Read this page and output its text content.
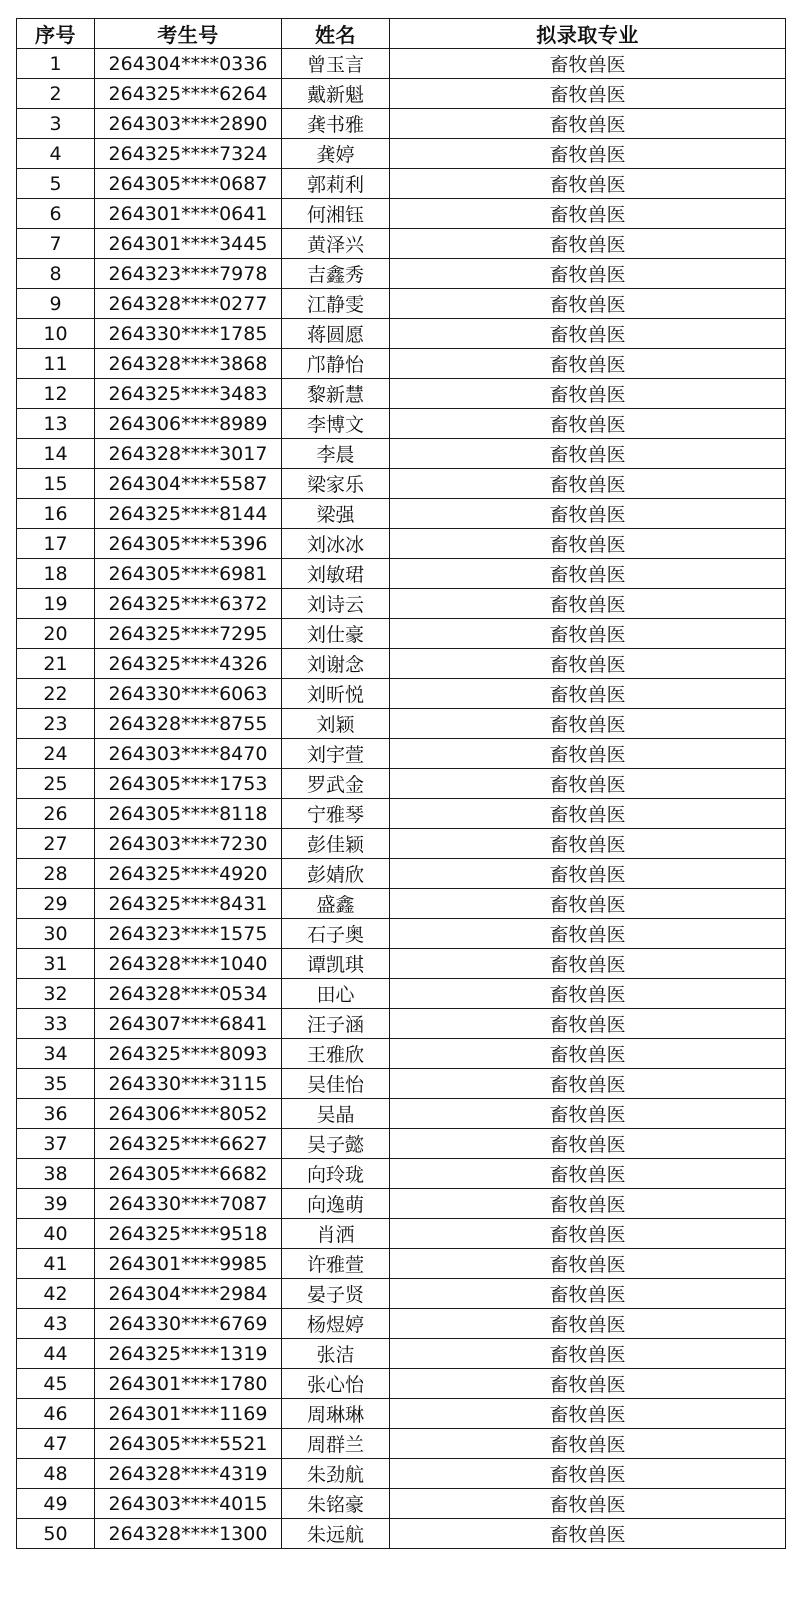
序号	考生号	姓名	拟录取专业
1	264304****0336	曾玉言	畜牧兽医
2	264325****6264	戴新魁	畜牧兽医
3	264303****2890	龚书雅	畜牧兽医
4	264325****7324	龚婷	畜牧兽医
5	264305****0687	郭莉利	畜牧兽医
6	264301****0641	何湘钰	畜牧兽医
7	264301****3445	黄泽兴	畜牧兽医
8	264323****7978	吉鑫秀	畜牧兽医
9	264328****0277	江静雯	畜牧兽医
10	264330****1785	蒋圆愿	畜牧兽医
11	264328****3868	邝静怡	畜牧兽医
12	264325****3483	黎新慧	畜牧兽医
13	264306****8989	李博文	畜牧兽医
14	264328****3017	李晨	畜牧兽医
15	264304****5587	梁家乐	畜牧兽医
16	264325****8144	梁强	畜牧兽医
17	264305****5396	刘冰冰	畜牧兽医
18	264305****6981	刘敏珺	畜牧兽医
19	264325****6372	刘诗云	畜牧兽医
20	264325****7295	刘仕豪	畜牧兽医
21	264325****4326	刘谢念	畜牧兽医
22	264330****6063	刘昕悦	畜牧兽医
23	264328****8755	刘颖	畜牧兽医
24	264303****8470	刘宇萱	畜牧兽医
25	264305****1753	罗武金	畜牧兽医
26	264305****8118	宁雅琴	畜牧兽医
27	264303****7230	彭佳颖	畜牧兽医
28	264325****4920	彭婧欣	畜牧兽医
29	264325****8431	盛鑫	畜牧兽医
30	264323****1575	石子奥	畜牧兽医
31	264328****1040	谭凯琪	畜牧兽医
32	264328****0534	田心	畜牧兽医
33	264307****6841	汪子涵	畜牧兽医
34	264325****8093	王雅欣	畜牧兽医
35	264330****3115	吴佳怡	畜牧兽医
36	264306****8052	吴晶	畜牧兽医
37	264325****6627	吴子懿	畜牧兽医
38	264305****6682	向玲珑	畜牧兽医
39	264330****7087	向逸萌	畜牧兽医
40	264325****9518	肖洒	畜牧兽医
41	264301****9985	许雅萱	畜牧兽医
42	264304****2984	晏子贤	畜牧兽医
43	264330****6769	杨煜婷	畜牧兽医
44	264325****1319	张洁	畜牧兽医
45	264301****1780	张心怡	畜牧兽医
46	264301****1169	周琳琳	畜牧兽医
47	264305****5521	周群兰	畜牧兽医
48	264328****4319	朱劲航	畜牧兽医
49	264303****4015	朱铭豪	畜牧兽医
50	264328****1300	朱远航	畜牧兽医
